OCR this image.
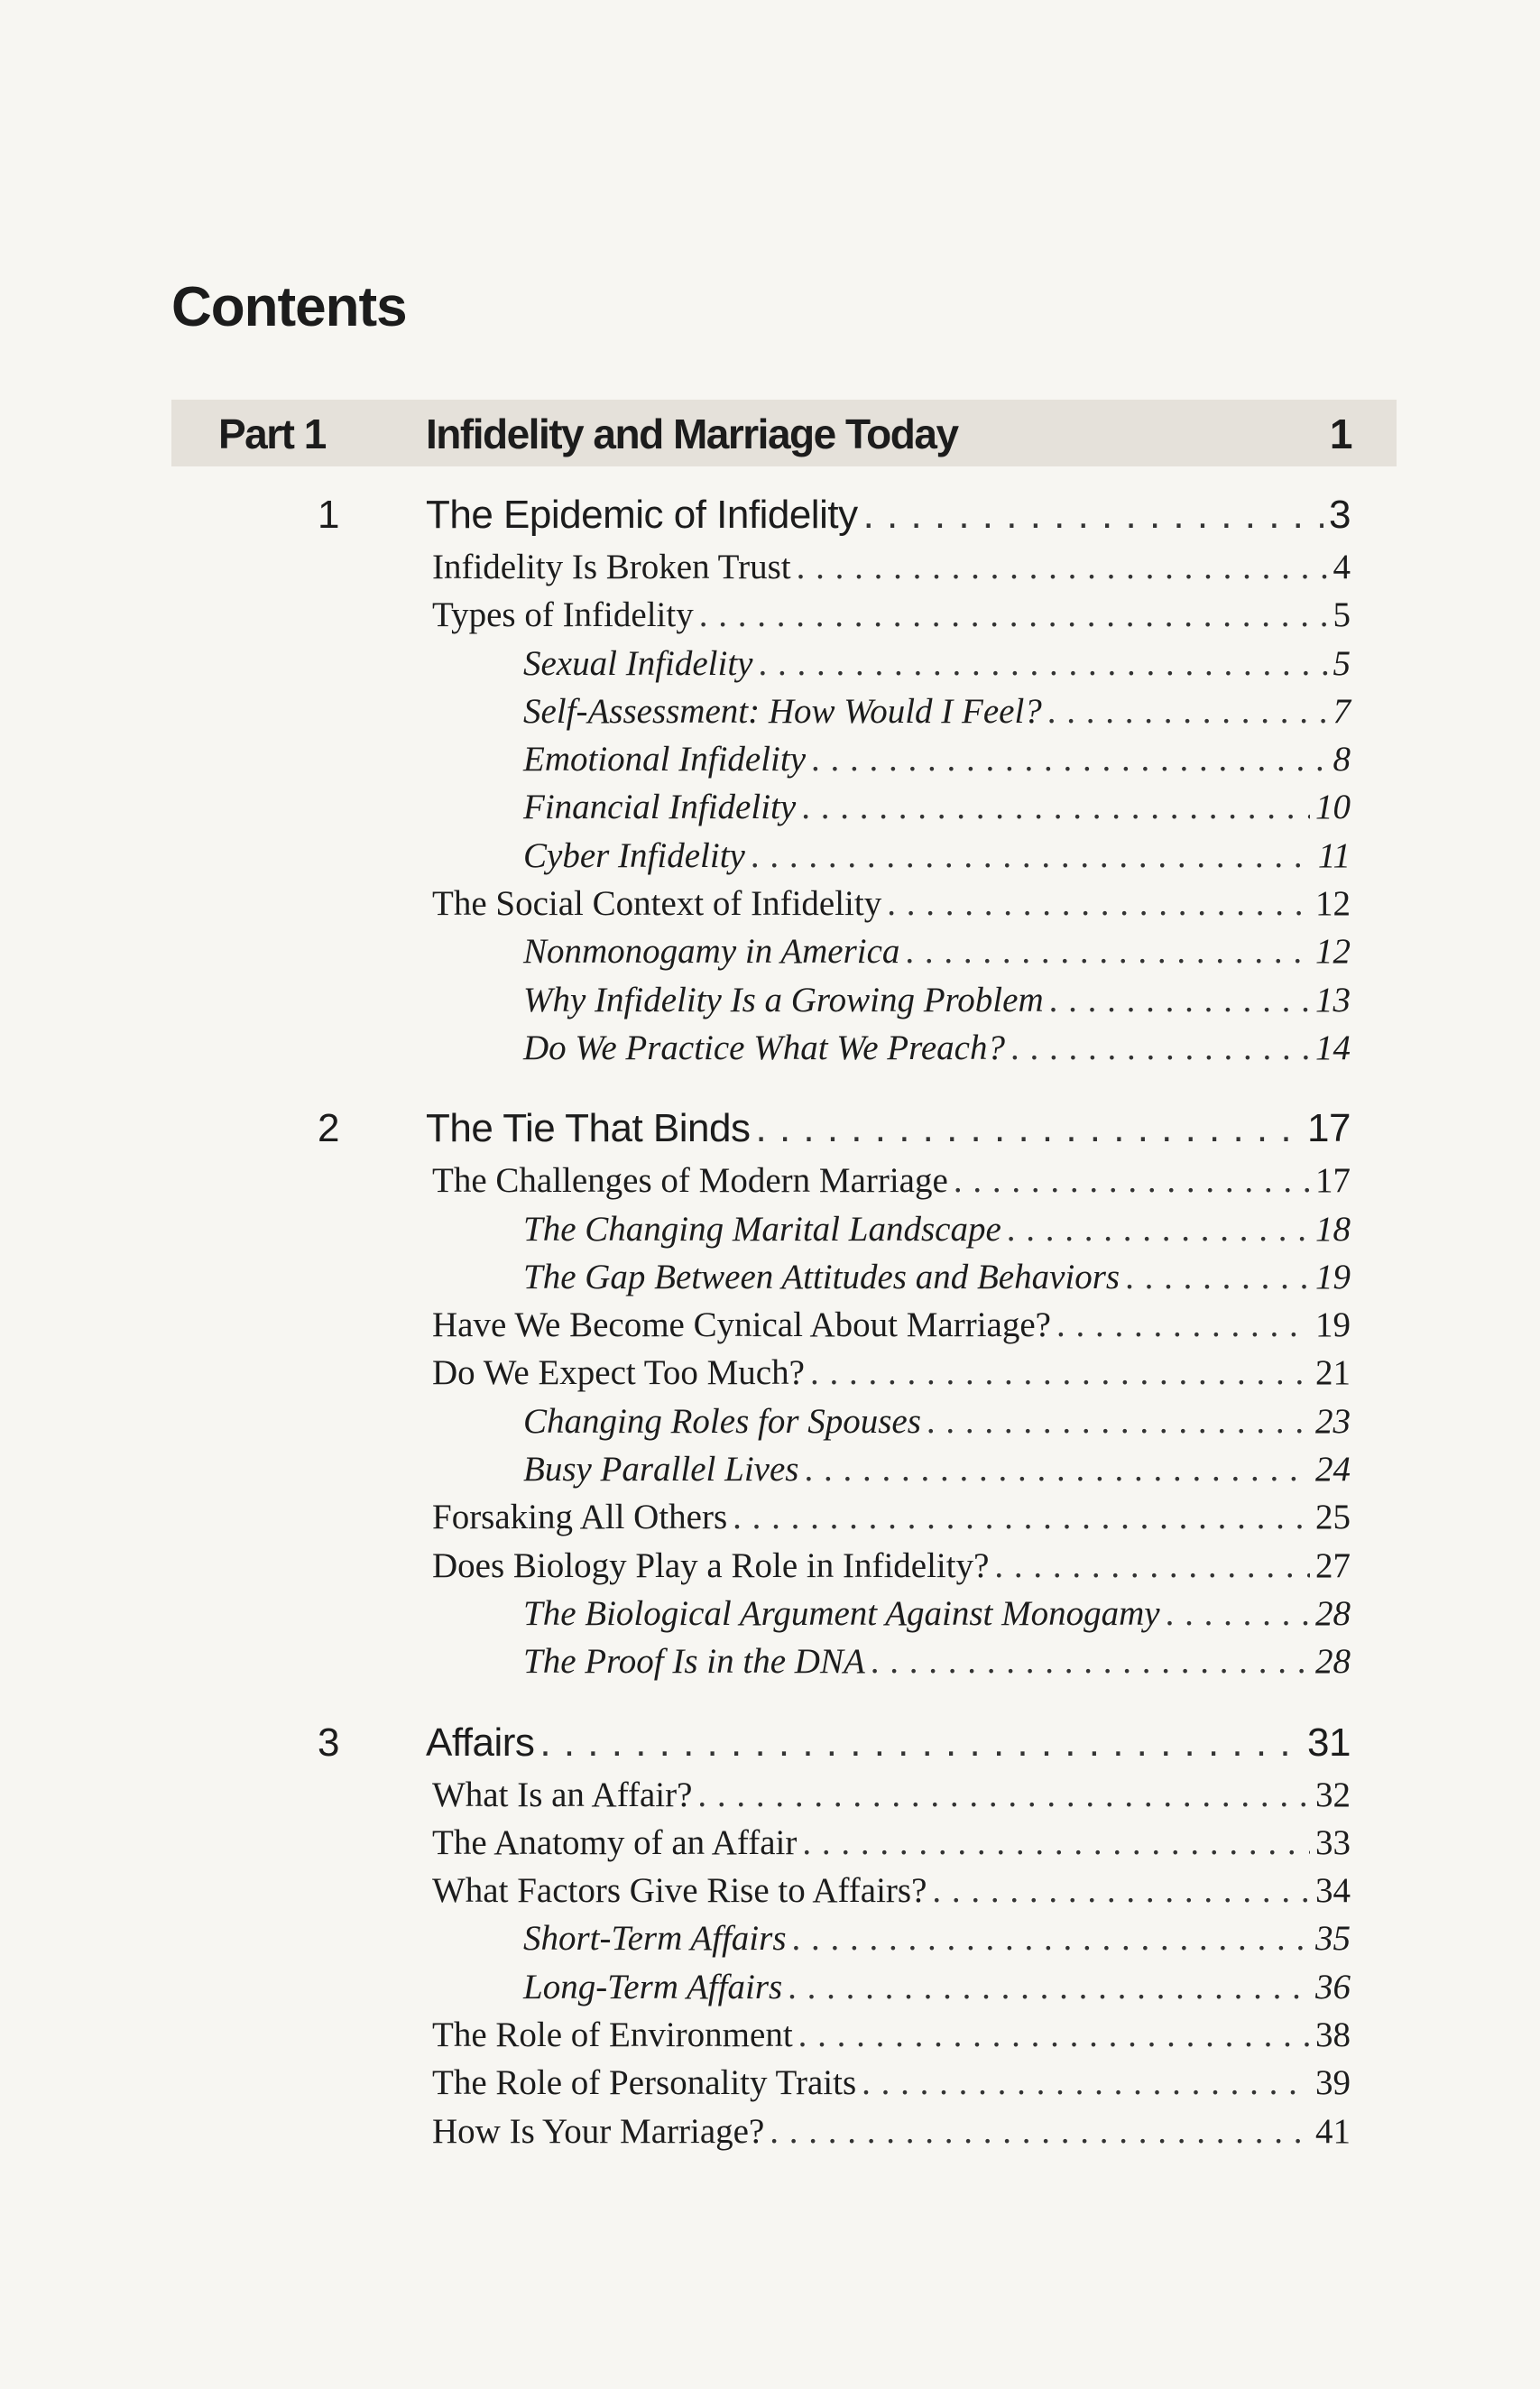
Contents
Part 1 Infidelity and Marriage Today	1
1 The Epidemic of Infidelity . . .	3
Infidelity Is Broken Trust . . .	4
Types of Infidelity . . .	5
Sexual Infidelity . . .	5
Self-Assessment: How Would I Feel? . . .	7
Emotional Infidelity . . .	8
Financial Infidelity . . .	10
Cyber Infidelity . . .	11
The Social Context of Infidelity . . .	12
Nonmonogamy in America . . .	12
Why Infidelity Is a Growing Problem . . .	13
Do We Practice What We Preach? . . .	14
2 The Tie That Binds . . .	17
The Challenges of Modern Marriage . . .	17
The Changing Marital Landscape . . .	18
The Gap Between Attitudes and Behaviors . . .	19
Have We Become Cynical About Marriage? . . .	19
Do We Expect Too Much? . . .	21
Changing Roles for Spouses . . .	23
Busy Parallel Lives . . .	24
Forsaking All Others . . .	25
Does Biology Play a Role in Infidelity? . . .	27
The Biological Argument Against Monogamy . . .	28
The Proof Is in the DNA . . .	28
3 Affairs . . .	31
What Is an Affair? . . .	32
The Anatomy of an Affair . . .	33
What Factors Give Rise to Affairs? . . .	34
Short-Term Affairs . . .	35
Long-Term Affairs . . .	36
The Role of Environment . . .	38
The Role of Personality Traits . . .	39
How Is Your Marriage? . . .	41
